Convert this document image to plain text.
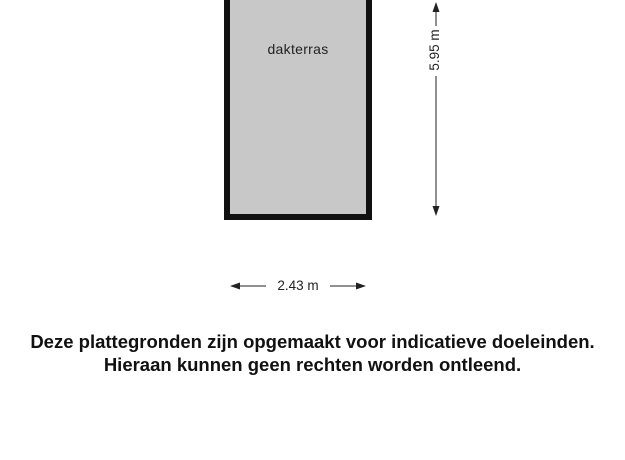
dakterras	5.95 m
2.43 m
Deze plattegronden zijn opgemaakt voor indicatieve doeleinden.
Hieraan kunnen geen rechten worden ontleend.
